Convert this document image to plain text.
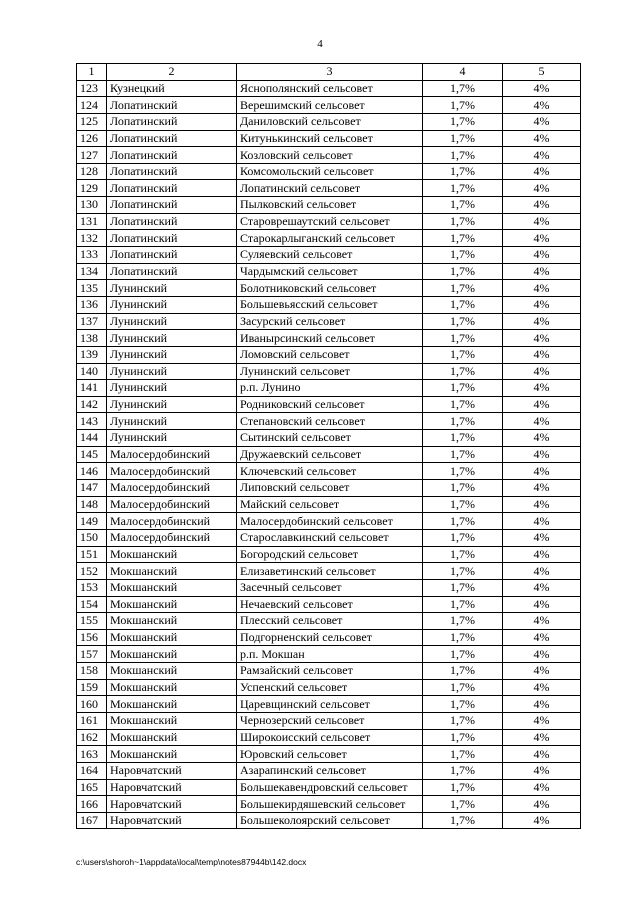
4
1	2	3	4	5
123	Кузнецкий	Яснополянский сельсовет	1,7%	4%
124	Лопатинский	Верешимский сельсовет	1,7%	4%
125	Лопатинский	Даниловский сельсовет	1,7%	4%
126	Лопатинский	Китунькинский сельсовет	1,7%	4%
127	Лопатинский	Козловский сельсовет	1,7%	4%
128	Лопатинский	Комсомольский сельсовет	1,7%	4%
129	Лопатинский	Лопатинский сельсовет	1,7%	4%
130	Лопатинский	Пылковский сельсовет	1,7%	4%
131	Лопатинский	Староврешаутский сельсовет	1,7%	4%
132	Лопатинский	Старокарлыганский сельсовет	1,7%	4%
133	Лопатинский	Суляевский сельсовет	1,7%	4%
134	Лопатинский	Чардымский сельсовет	1,7%	4%
135	Лунинский	Болотниковский сельсовет	1,7%	4%
136	Лунинский	Большевьясский сельсовет	1,7%	4%
137	Лунинский	Засурский сельсовет	1,7%	4%
138	Лунинский	Иванырсинский сельсовет	1,7%	4%
139	Лунинский	Ломовский сельсовет	1,7%	4%
140	Лунинский	Лунинский сельсовет	1,7%	4%
141	Лунинский	р.п. Лунино	1,7%	4%
142	Лунинский	Родниковский сельсовет	1,7%	4%
143	Лунинский	Степановский сельсовет	1,7%	4%
144	Лунинский	Сытинский сельсовет	1,7%	4%
145	Малосердобинский	Дружаевский сельсовет	1,7%	4%
146	Малосердобинский	Ключевский сельсовет	1,7%	4%
147	Малосердобинский	Липовский сельсовет	1,7%	4%
148	Малосердобинский	Майский сельсовет	1,7%	4%
149	Малосердобинский	Малосердобинский сельсовет	1,7%	4%
150	Малосердобинский	Старославкинский сельсовет	1,7%	4%
151	Мокшанский	Богородский сельсовет	1,7%	4%
152	Мокшанский	Елизаветинский сельсовет	1,7%	4%
153	Мокшанский	Засечный сельсовет	1,7%	4%
154	Мокшанский	Нечаевский сельсовет	1,7%	4%
155	Мокшанский	Плесский сельсовет	1,7%	4%
156	Мокшанский	Подгорненский сельсовет	1,7%	4%
157	Мокшанский	р.п. Мокшан	1,7%	4%
158	Мокшанский	Рамзайский сельсовет	1,7%	4%
159	Мокшанский	Успенский сельсовет	1,7%	4%
160	Мокшанский	Царевщинский сельсовет	1,7%	4%
161	Мокшанский	Чернозерский сельсовет	1,7%	4%
162	Мокшанский	Широкоисский сельсовет	1,7%	4%
163	Мокшанский	Юровский сельсовет	1,7%	4%
164	Наровчатский	Азарапинский сельсовет	1,7%	4%
165	Наровчатский	Большекавендровский сельсовет	1,7%	4%
166	Наровчатский	Большекирдяшевский сельсовет	1,7%	4%
167	Наровчатский	Большеколоярский сельсовет	1,7%	4%
c:\users\shoroh~1\appdata\local\temp\notes87944b\142.docx
